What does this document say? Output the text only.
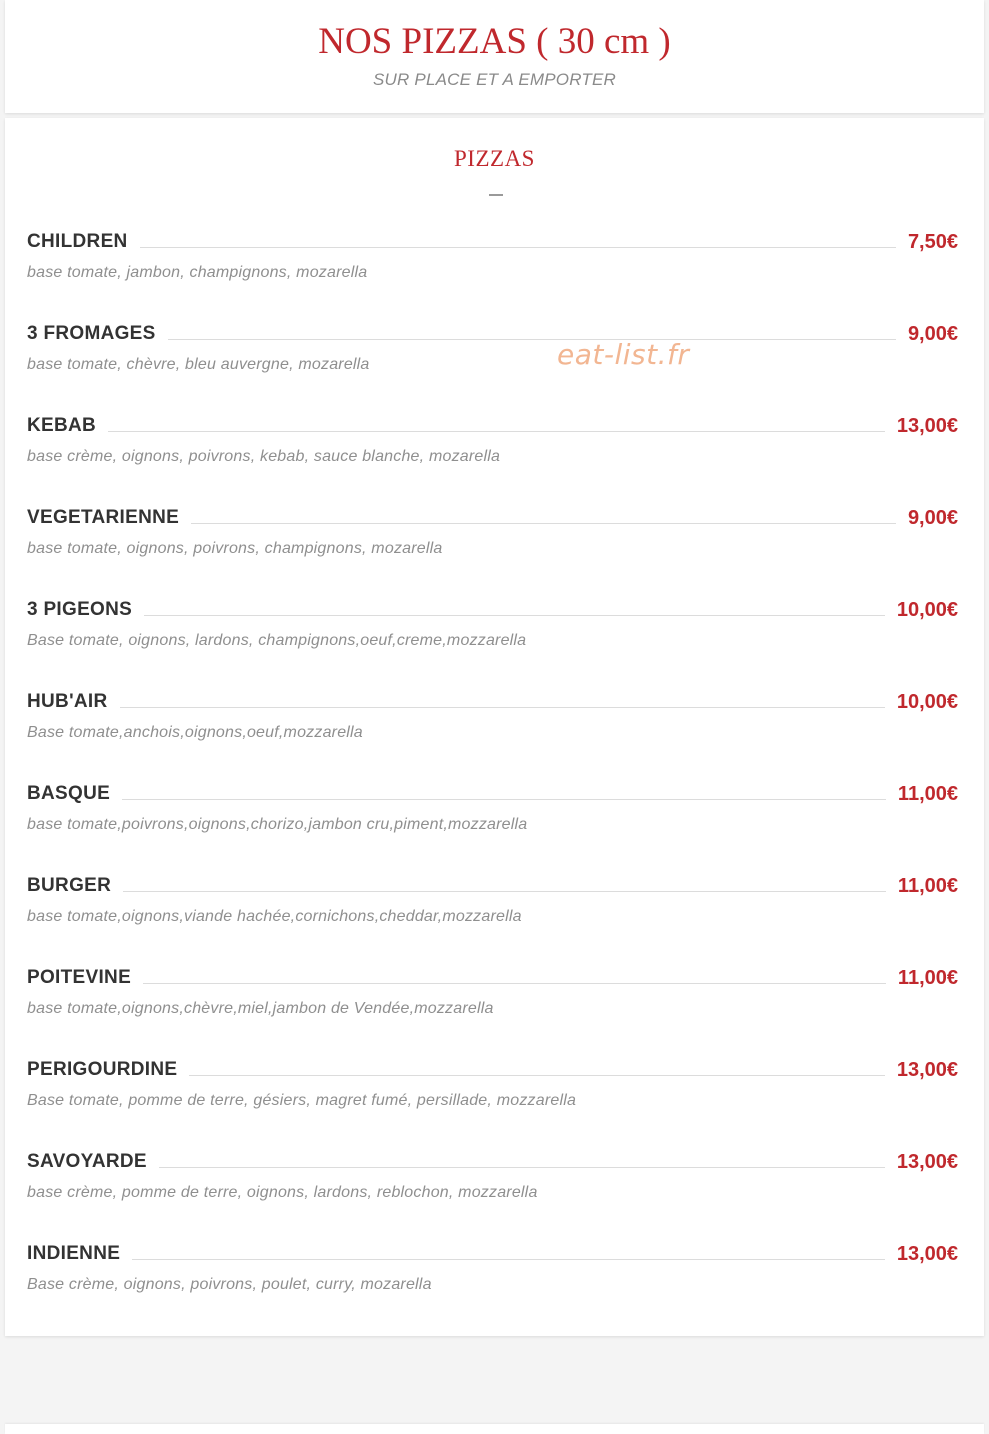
NOS PIZZAS ( 30 cm )
SUR PLACE ET A EMPORTER
PIZZAS
eat-list.fr
CHILDREN	7,50€
base tomate, jambon, champignons, mozarella
3 FROMAGES	9,00€
base tomate, chèvre, bleu auvergne, mozarella
KEBAB	13,00€
base crème, oignons, poivrons, kebab, sauce blanche, mozarella
VEGETARIENNE	9,00€
base tomate, oignons, poivrons, champignons, mozarella
3 PIGEONS	10,00€
Base tomate, oignons, lardons, champignons,oeuf,creme,mozzarella
HUB'AIR	10,00€
Base tomate,anchois,oignons,oeuf,mozzarella
BASQUE	11,00€
base tomate,poivrons,oignons,chorizo,jambon cru,piment,mozzarella
BURGER	11,00€
base tomate,oignons,viande hachée,cornichons,cheddar,mozzarella
POITEVINE	11,00€
base tomate,oignons,chèvre,miel,jambon de Vendée,mozzarella
PERIGOURDINE	13,00€
Base tomate, pomme de terre, gésiers, magret fumé, persillade, mozzarella
SAVOYARDE	13,00€
base crème, pomme de terre, oignons, lardons, reblochon, mozzarella
INDIENNE	13,00€
Base crème, oignons, poivrons, poulet, curry, mozarella
